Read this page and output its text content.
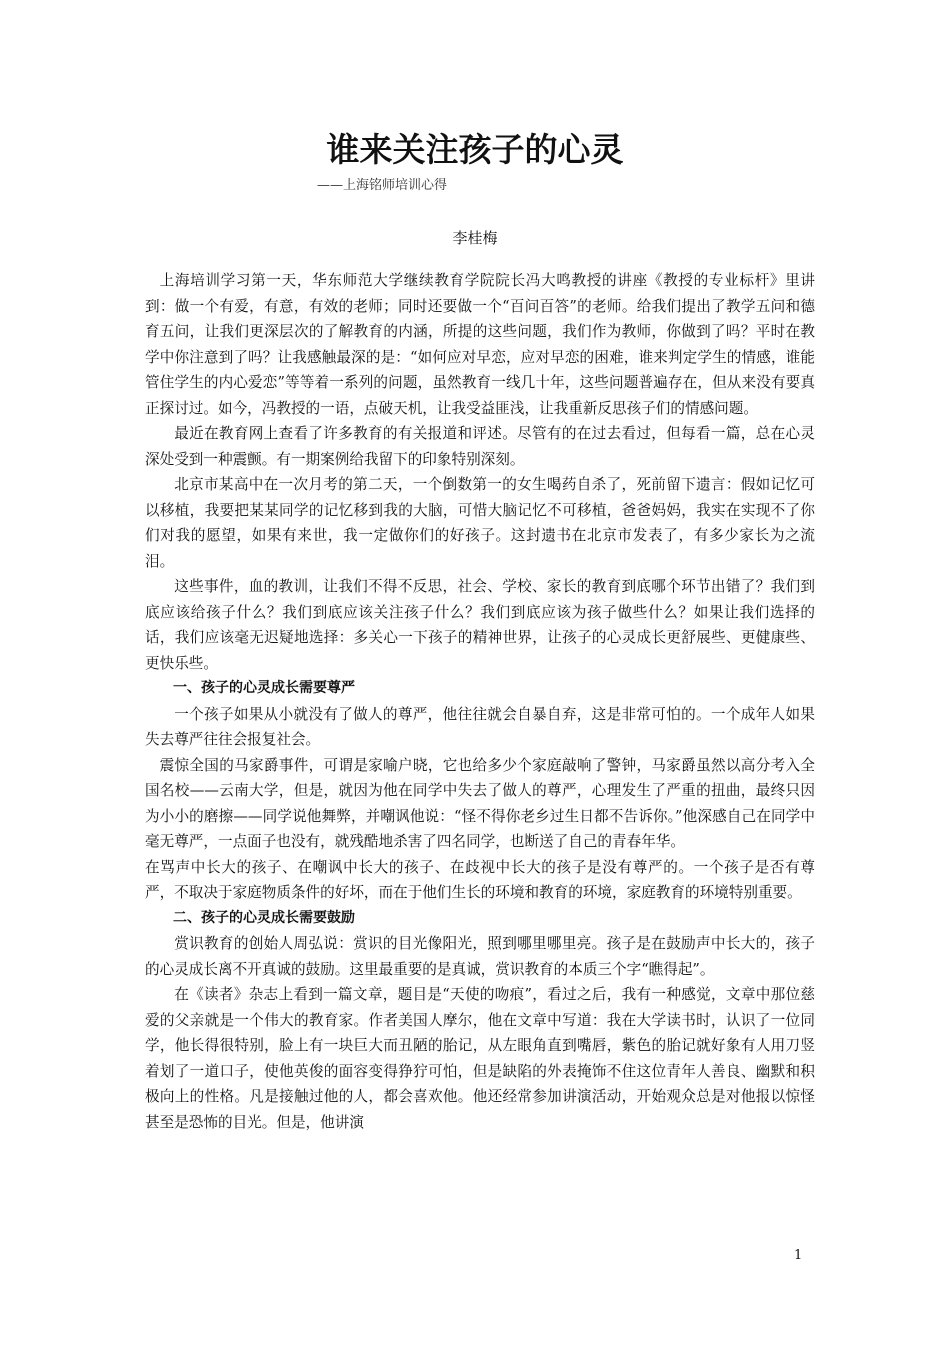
谁来关注孩子的心灵

——上海铭师培训心得

李桂梅

上海培训学习第一天，华东师范大学继续教育学院院长冯大鸣教授的讲座《教授的专业标杆》里讲到：做一个有爱，有意，有效的老师；同时还要做一个“百问百答”的老师。给我们提出了教学五问和德育五问，让我们更深层次的了解教育的内涵，所提的这些问题，我们作为教师，你做到了吗？平时在教学中你注意到了吗？让我感触最深的是：“如何应对早恋，应对早恋的困难，谁来判定学生的情感，谁能管住学生的内心爱恋”等等着一系列的问题，虽然教育一线几十年，这些问题普遍存在，但从来没有要真正探讨过。如今，冯教授的一语，点破天机，让我受益匪浅，让我重新反思孩子们的情感问题。

最近在教育网上查看了许多教育的有关报道和评述。尽管有的在过去看过，但每看一篇，总在心灵深处受到一种震颤。有一期案例给我留下的印象特别深刻。

北京市某高中在一次月考的第二天，一个倒数第一的女生喝药自杀了，死前留下遗言：假如记忆可以移植，我要把某某同学的记忆移到我的大脑，可惜大脑记忆不可移植，爸爸妈妈，我实在实现不了你们对我的愿望，如果有来世，我一定做你们的好孩子。这封遗书在北京市发表了，有多少家长为之流泪。

这些事件，血的教训，让我们不得不反思，社会、学校、家长的教育到底哪个环节出错了？我们到底应该给孩子什么？我们到底应该关注孩子什么？我们到底应该为孩子做些什么？如果让我们选择的话，我们应该毫无迟疑地选择：多关心一下孩子的精神世界，让孩子的心灵成长更舒展些、更健康些、更快乐些。

一、孩子的心灵成长需要尊严

一个孩子如果从小就没有了做人的尊严，他往往就会自暴自弃，这是非常可怕的。一个成年人如果失去尊严往往会报复社会。

震惊全国的马家爵事件，可谓是家喻户晓，它也给多少个家庭敲响了警钟，马家爵虽然以高分考入全国名校——云南大学，但是，就因为他在同学中失去了做人的尊严，心理发生了严重的扭曲，最终只因为小小的磨擦——同学说他舞弊，并嘲讽他说：“怪不得你老乡过生日都不告诉你。”他深感自己在同学中毫无尊严，一点面子也没有，就残酷地杀害了四名同学，也断送了自己的青春年华。

在骂声中长大的孩子、在嘲讽中长大的孩子、在歧视中长大的孩子是没有尊严的。一个孩子是否有尊严，不取决于家庭物质条件的好坏，而在于他们生长的环境和教育的环境，家庭教育的环境特别重要。

二、孩子的心灵成长需要鼓励

赏识教育的创始人周弘说：赏识的目光像阳光，照到哪里哪里亮。孩子是在鼓励声中长大的，孩子的心灵成长离不开真诚的鼓励。这里最重要的是真诚，赏识教育的本质三个字“瞧得起”。

在《读者》杂志上看到一篇文章，题目是“天使的吻痕”，看过之后，我有一种感觉，文章中那位慈爱的父亲就是一个伟大的教育家。作者美国人摩尔，他在文章中写道：我在大学读书时，认识了一位同学，他长得很特别，脸上有一块巨大而丑陋的胎记，从左眼角直到嘴唇，紫色的胎记就好象有人用刀竖着划了一道口子，使他英俊的面容变得狰狞可怕，但是缺陷的外表掩饰不住这位青年人善良、幽默和积极向上的性格。凡是接触过他的人，都会喜欢他。他还经常参加讲演活动，开始观众总是对他报以惊怪甚至是恐怖的目光。但是，他讲演

1
